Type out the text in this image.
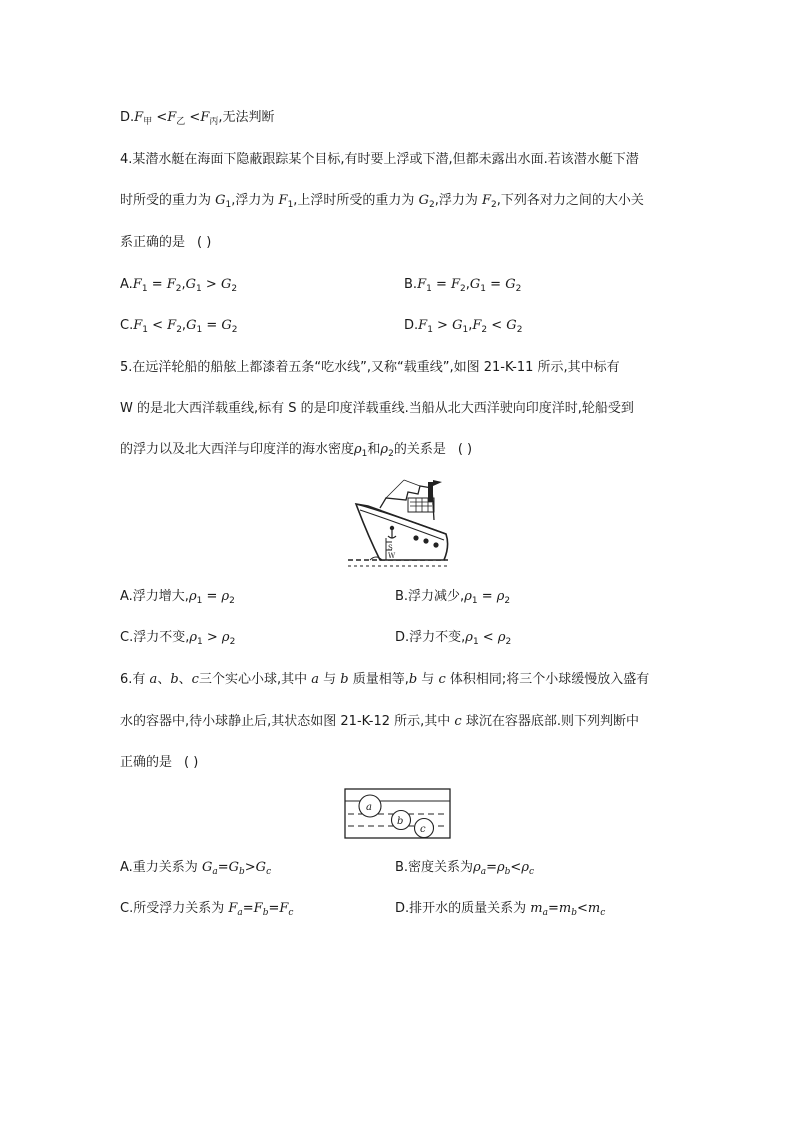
$D.F_甲 <F_乙 <F_丙$,无法判断
4.某潜水艇在海面下隐蔽跟踪某个目标,有时要上浮或下潜,但都未露出水面.若该潜水艇下潜
时所受的重力为 $G_1$,浮力为 $F_1$,上浮时所受的重力为 $G_2$,浮力为 $F_2$,下列各对力之间的大小关
系正确的是 ( )
$A.F_1 = F_2,G_1 > G_2$	$B.F_1 = F_2,G_1 = G_2$
$C.F_1 < F_2,G_1 = G_2$	$D.F_1 > G_1,F_2 < G_2$
5.在远洋轮船的船舷上都漆着五条“吃水线”,又称“载重线”,如图 21-K-11 所示,其中标有
W 的是北大西洋载重线,标有 S 的是印度洋载重线.当船从北大西洋驶向印度洋时,轮船受到
的浮力以及北大西洋与印度洋的海水密度$\rho_1$和$\rho_2$的关系是 ( )
S
W
A.浮力增大$,\rho_1 = \rho_2$	B.浮力减少$,\rho_1 = \rho_2$
C.浮力不变$,\rho_1 > \rho_2$	D.浮力不变$,\rho_1 < \rho_2$
6.有 a、b、c三个实心小球,其中 a 与 b 质量相等,b 与 c 体积相同;将三个小球缓慢放入盛有
水的容器中,待小球静止后,其状态如图 21-K-12 所示,其中 c 球沉在容器底部.则下列判断中
正确的是 ( )
a
b
c
A.重力关系为 $G_a=G_b>G_c$	B.密度关系为$\rho_a=\rho_b<\rho_c$
C.所受浮力关系为 $F_a=F_b=F_c$	D.排开水的质量关系为 $m_a=m_b<m_c$
